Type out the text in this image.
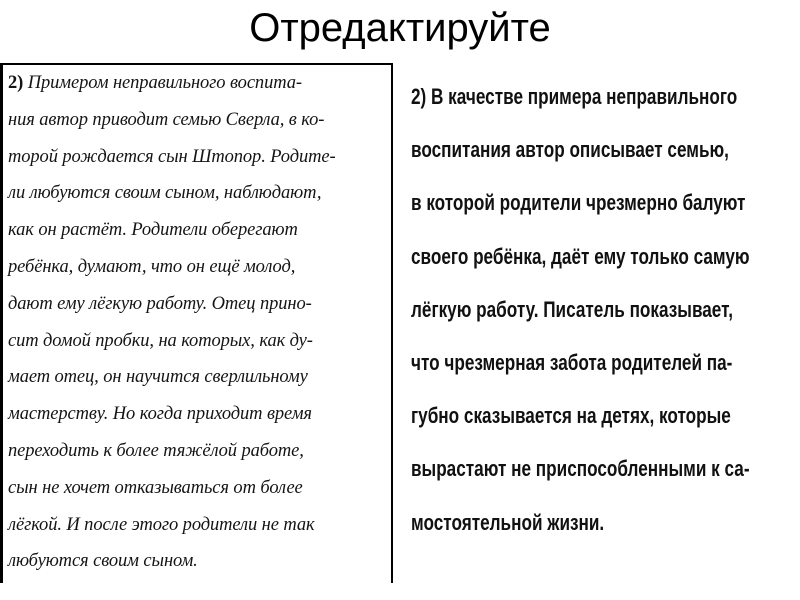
Отредактируйте
2) Примером неправильного воспита-
ния автор приводит семью Сверла, в ко-
торой рождается сын Штопор. Родите-
ли любуются своим сыном, наблюдают,
как он растёт. Родители оберегают
ребёнка, думают, что он ещё молод,
дают ему лёгкую работу. Отец прино-
сит домой пробки, на которых, как ду-
мает отец, он научится сверлильному
мастерству. Но когда приходит время
переходить к более тяжёлой работе,
сын не хочет отказываться от более
лёгкой. И после этого родители не так
любуются своим сыном.
2) В качестве примера неправильного
воспитания автор описывает семью,
в которой родители чрезмерно балуют
своего ребёнка, даёт ему только самую
лёгкую работу. Писатель показывает,
что чрезмерная забота родителей па-
губно сказывается на детях, которые
вырастают не приспособленными к са-
мостоятельной жизни.
